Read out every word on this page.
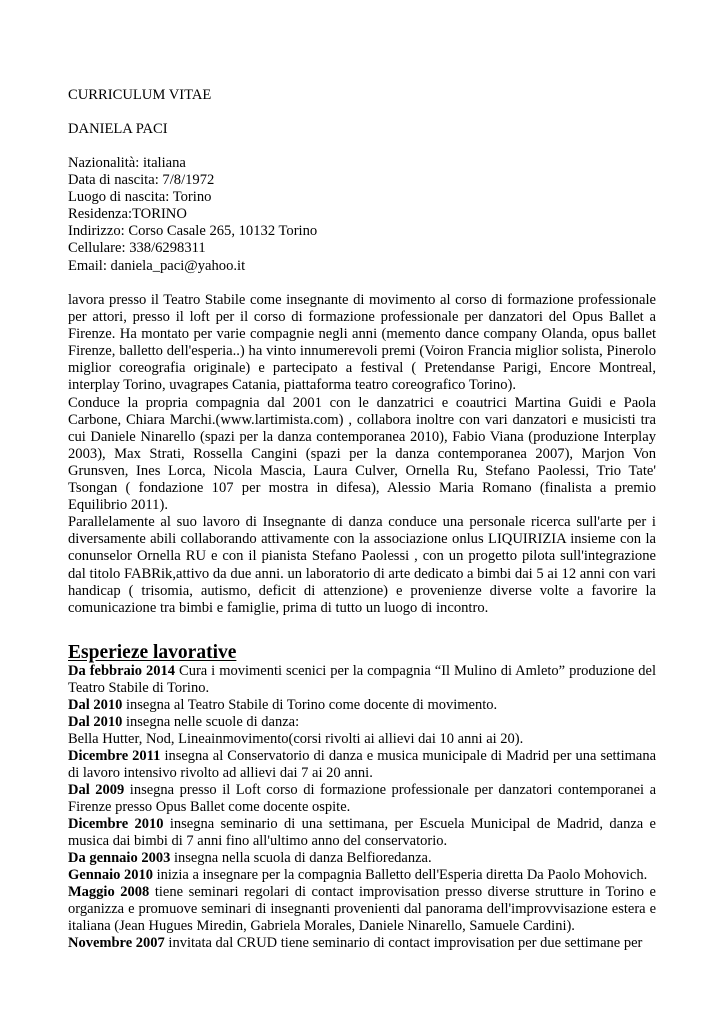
CURRICULUM VITAE
DANIELA PACI
Nazionalità: italiana
Data di nascita: 7/8/1972
Luogo di nascita: Torino
Residenza:TORINO
Indirizzo: Corso Casale 265, 10132 Torino
Cellulare: 338/6298311
Email: daniela_paci@yahoo.it

lavora presso il Teatro Stabile come insegnante di movimento al corso di formazione professionale per attori, presso il loft per il corso di formazione professionale per danzatori del Opus Ballet a Firenze. Ha montato per varie compagnie negli anni (memento dance company Olanda, opus ballet Firenze, balletto dell'esperia..) ha vinto innumerevoli premi (Voiron Francia miglior solista, Pinerolo miglior coreografia originale) e partecipato a festival ( Pretendanse Parigi, Encore Montreal, interplay Torino, uvagrapes Catania, piattaforma teatro coreografico Torino).

Conduce la propria compagnia dal 2001 con le danzatrici e coautrici Martina Guidi e Paola Carbone, Chiara Marchi.(www.lartimista.com) , collabora inoltre con vari danzatori e musicisti tra cui Daniele Ninarello (spazi per la danza contemporanea 2010), Fabio Viana (produzione Interplay 2003), Max Strati, Rossella Cangini (spazi per la danza contemporanea 2007), Marjon Von Grunsven, Ines Lorca, Nicola Mascia, Laura Culver, Ornella Ru, Stefano Paolessi, Trio Tate' Tsongan ( fondazione 107 per mostra in difesa), Alessio Maria Romano (finalista a premio Equilibrio 2011).

Parallelamente al suo lavoro di Insegnante di danza conduce una personale ricerca sull'arte per i diversamente abili collaborando attivamente con la associazione onlus LIQUIRIZIA insieme con la conunselor Ornella RU e con il pianista Stefano Paolessi , con un progetto pilota sull'integrazione dal titolo FABRik,attivo da due anni. un laboratorio di arte dedicato a bimbi dai 5 ai 12 anni con vari handicap ( trisomia, autismo, deficit di attenzione) e provenienze diverse volte a favorire la comunicazione tra bimbi e famiglie, prima di tutto un luogo di incontro.

Esperieze lavorative

Da febbraio 2014 Cura i movimenti scenici per la compagnia “Il Mulino di Amleto” produzione del Teatro Stabile di Torino.

Dal 2010 insegna al Teatro Stabile di Torino come docente di movimento.

Dal 2010 insegna nelle scuole di danza:

Bella Hutter, Nod, Lineainmovimento(corsi rivolti ai allievi dai 10 anni ai 20).

Dicembre 2011 insegna al Conservatorio di danza e musica municipale di Madrid per una settimana di lavoro intensivo rivolto ad allievi dai 7 ai 20 anni.

Dal 2009 insegna presso il Loft corso di formazione professionale per danzatori contemporanei a Firenze presso Opus Ballet come docente ospite.

Dicembre 2010 insegna seminario di una settimana, per Escuela Municipal de Madrid, danza e musica dai bimbi di 7 anni fino all'ultimo anno del conservatorio.

Da gennaio 2003 insegna nella scuola di danza Belfioredanza.

Gennaio 2010 inizia a insegnare per la compagnia Balletto dell'Esperia diretta Da Paolo Mohovich.

Maggio 2008 tiene seminari regolari di contact improvisation presso diverse strutture in Torino e organizza e promuove seminari di insegnanti provenienti dal panorama dell'improvvisazione estera e italiana (Jean Hugues Miredin, Gabriela Morales, Daniele Ninarello, Samuele Cardini).

Novembre 2007 invitata dal CRUD tiene seminario di contact improvisation per due settimane per
